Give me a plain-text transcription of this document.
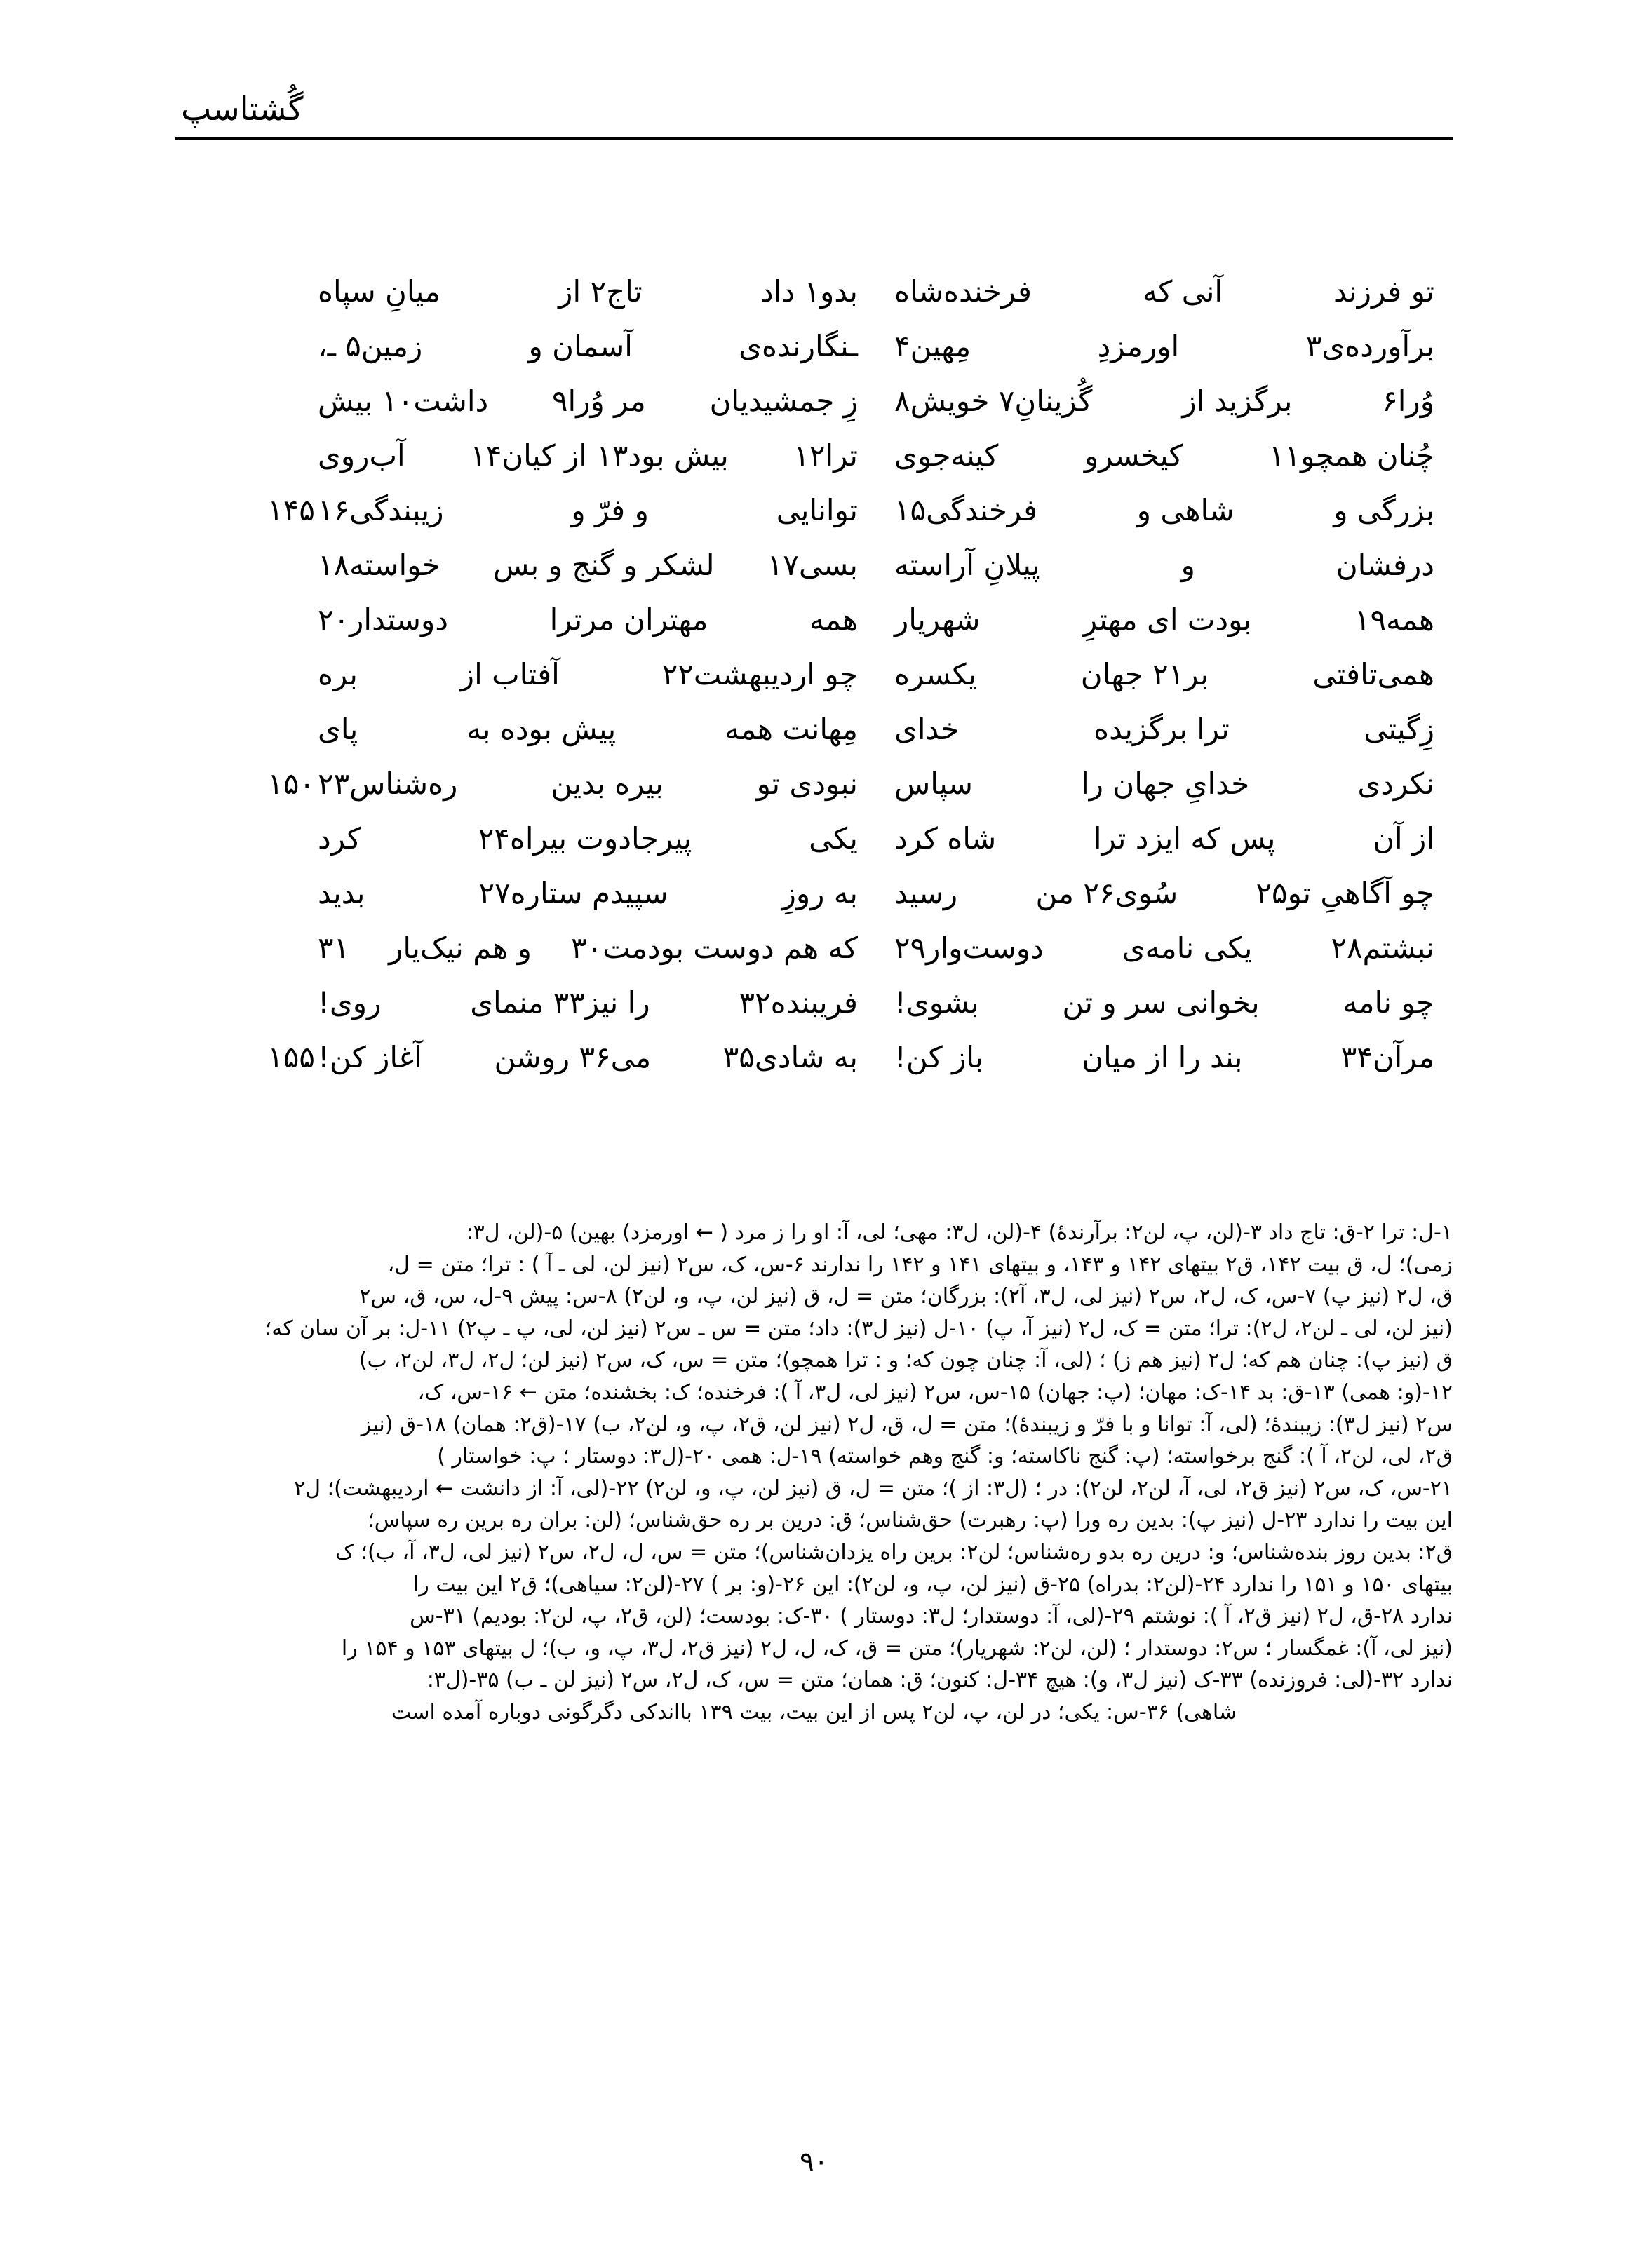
گُشتاسپ
تو فرزند
آنی که
فرخنده‌شاه
بدو١ داد
تاج٢ از
میانِ سپاه
برآورده‌ی٣
اورمزدِ
مِهین۴
ـنگارنده‌ی
آسمان و
زمین۵ ـ،
وُرا۶
برگزید از
گُزینانِ٧ خویش٨
زِ جمشیدیان
مر وُرا٩
داشت١٠ بیش
چُنان همچو١١
کیخسرو
کینه‌جوی
ترا١٢
بیش بود١٣ از کیان١۴
آب‌روی
بزرگی و
شاهی و
فرخندگی١۵
توانایی
و فرّ و
زیبندگی١۶
۱۴۵
درفشان
و
پیلانِ آراسته
بسی١٧
لشکر و گنج و بس
خواسته١٨
همه١٩
بودت ای مهترِ
شهریار
همه
مهتران مرترا
دوستدار٢٠
همی‌تافتی
بر٢١ جهان
یکسره
چو اردیبهشت٢٢
آفتاب از
بره
زِگیتی
ترا برگزیده
خدای
مِهانت همه
پیش بوده به
پای
نکردی
خدایِ جهان را
سپاس
نبودی تو
بیره بدین
ره‌شناس٢٣
۱۵۰
از آن
پس که ایزد ترا
شاه کرد
یکی
پیرجادوت بیراه٢۴
کرد
چو آگاهیِ تو٢۵
سُوی٢۶ من
رسید
به روزِ
سپیدم ستاره٢٧
بدید
نبشتم٢٨
یکی نامه‌ی
دوست‌وار٢٩
که هم دوست بودمت٣٠
و هم نیک‌یار
٣١
چو نامه
بخوانی سر و تن
بشوی!
فریبنده٣٢
را نیز٣٣ منمای
روی!
مرآن٣۴
بند را از میان
باز کن!
به شادی٣۵
می٣۶ روشن
آغاز کن!
۱۵۵

۱-ل: ترا ۲-ق: تاج داد ۳-(لن، پ، لن٢: برآرندهٔ) ۴-(لن، ل٣: مهی؛ لی، آ: او را ز مرد ( ← اورمزد) بهین) ۵-(لن، ل٣:

زمی)؛ ل، ق بیت ۱۴۲، ق٢ بیتهای ۱۴۲ و ۱۴۳، و بیتهای ۱۴۱ و ۱۴۲ را ندارند ۶-س، ک، س٢ (نیز لن، لی ـ آ ) : ترا؛ متن = ل،

ق، ل٢ (نیز پ) ۷-س، ک، ل٢، س٢ (نیز لی، ل٣، آ٢): بزرگان؛ متن = ل، ق (نیز لن، پ، و، لن٢) ۸-س: پیش ۹-ل، س، ق، س٢

(نیز لن، لی ـ لن٢، ل٢): ترا؛ متن = ک، ل٢ (نیز آ، پ) ۱۰-ل (نیز ل٣): داد؛ متن = س ـ س٢ (نیز لن، لی، پ ـ پ٢) ۱۱-ل: بر آن سان که؛

ق (نیز پ): چنان هم که؛ ل٢ (نیز هم ز) ؛ (لی، آ: چنان چون که؛ و : ترا همچو)؛ متن = س، ک، س٢ (نیز لن؛ ل٢، ل٣، لن٢، ب)

۱۲-(و: همی) ۱۳-ق: بد ۱۴-ک: مهان؛ (پ: جهان) ۱۵-س، س٢ (نیز لی، ل٣، آ ): فرخنده؛ ک: بخشنده؛ متن ← ۱۶-س، ک،

س٢ (نیز ل٣): زیبندهٔ؛ (لی، آ: توانا و با فرّ و زیبندهٔ)؛ متن = ل، ق، ل٢ (نیز لن، ق٢، پ، و، لن٢، ب) ۱۷-(ق٢: همان) ۱۸-ق (نیز

ق٢، لی، لن٢، آ ): گنج برخواسته؛ (پ: گنج ناکاسته؛ و: گنج وهم خواسته) ۱۹-ل: همی ۲۰-(ل٣: دوستار ؛ پ: خواستار )

۲۱-س، ک، س٢ (نیز ق٢، لی، آ، لن٢، لن٢): در ؛ (ل٣: از )؛ متن = ل، ق (نیز لن، پ، و، لن٢) ۲۲-(لی، آ: از دانشت ← اردیبهشت)؛ ل٢

این بیت را ندارد ۲۳-ل (نیز پ): بدین ره ورا (پ: رهبرت) حق‌شناس؛ ق: درین بر ره حق‌شناس؛ (لن: بران ره برین ره سپاس؛

ق٢: بدین روز بنده‌شناس؛ و: درین ره بدو ره‌شناس؛ لن٢: برین راه یزدان‌شناس)؛ متن = س، ل، ل٢، س٢ (نیز لی، ل٣، آ، ب)؛ ک

بیتهای ۱۵۰ و ۱۵۱ را ندارد ۲۴-(لن٢: بدراه) ۲۵-ق (نیز لن، پ، و، لن٢): این ۲۶-(و: بر ) ۲۷-(لن٢: سیاهی)؛ ق٢ این بیت را

ندارد ۲۸-ق، ل٢ (نیز ق٢، آ ): نوشتم ۲۹-(لی، آ: دوستدار؛ ل٣: دوستار ) ۳۰-ک: بودست؛ (لن، ق٢، پ، لن٢: بودیم) ۳۱-س

(نیز لی، آ): غمگسار ؛ س٢: دوستدار ؛ (لن، لن٢: شهریار)؛ متن = ق، ک، ل، ل٢ (نیز ق٢، ل٣، پ، و، ب)؛ ل بیتهای ۱۵۳ و ۱۵۴ را

ندارد ۳۲-(لی: فروزنده) ۳۳-ک (نیز ل٣، و): هیچ ۳۴-ل: کنون؛ ق: همان؛ متن = س، ک، ل٢، س٢ (نیز لن ـ ب) ۳۵-(ل٣:

شاهی) ۳۶-س: یکی؛ در لن، پ، لن٢ پس از این بیت، بیت ۱۳۹ بااندکی دگرگونی دوباره آمده است

۹۰
